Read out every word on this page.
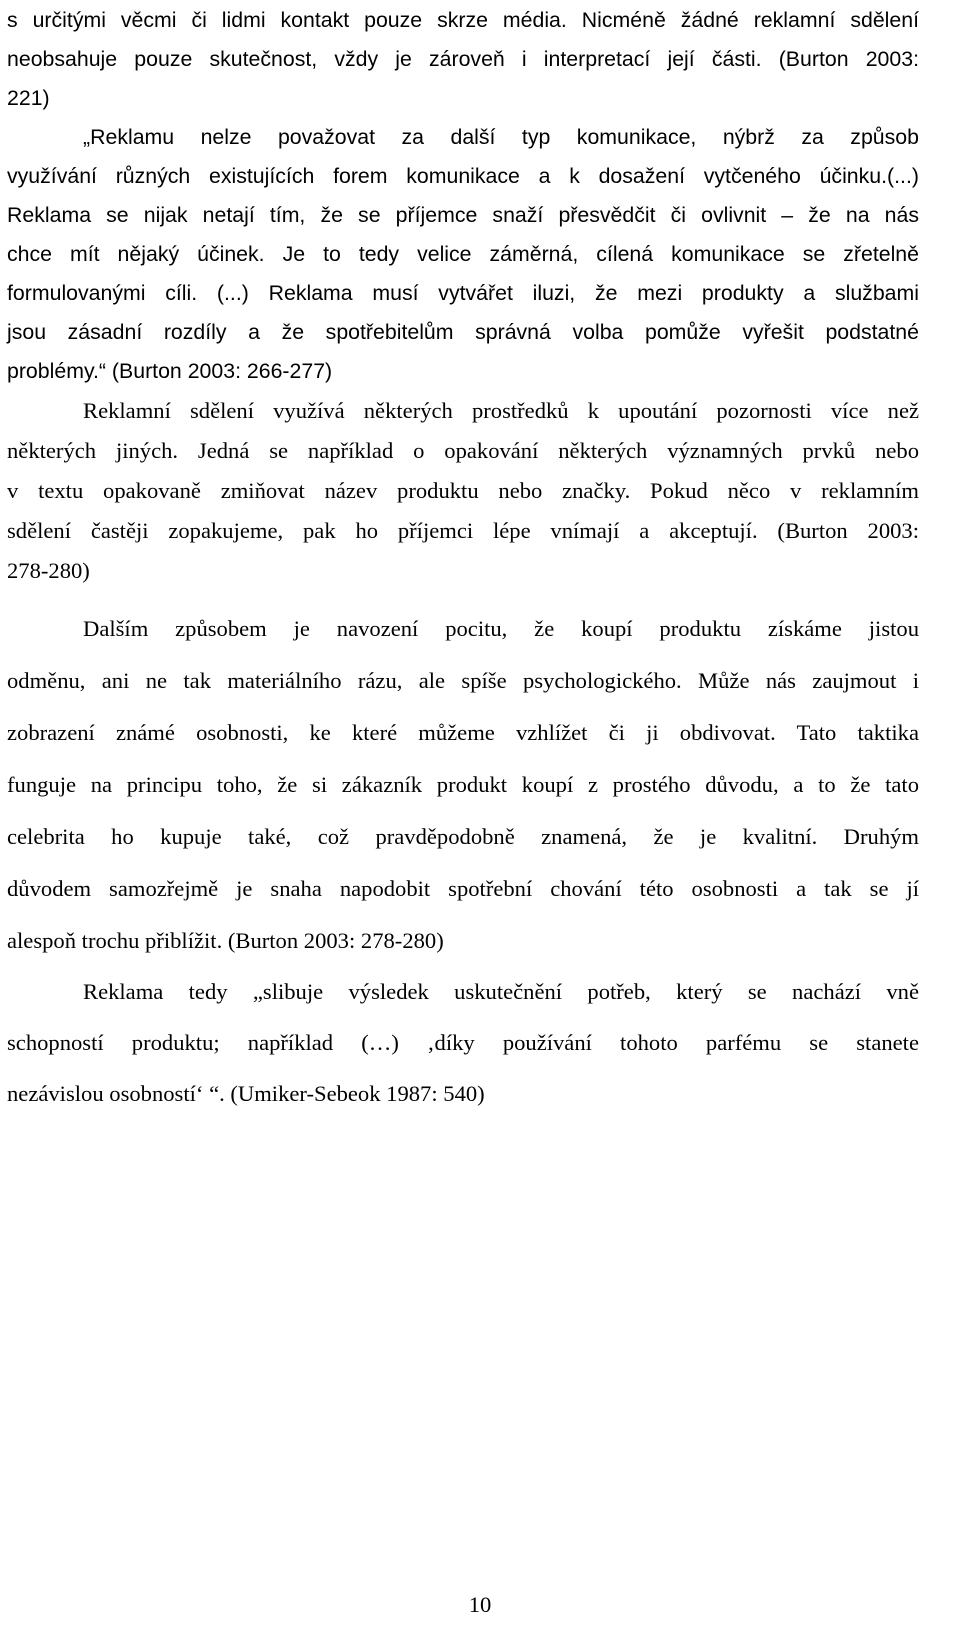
s určitými věcmi či lidmi kontakt pouze skrze média. Nicméně žádné reklamní sdělení
neobsahuje pouze skutečnost, vždy je zároveň i interpretací její části. (Burton 2003:
221)
„Reklamu nelze považovat za další typ komunikace, nýbrž za způsob
využívání různých existujících forem komunikace a k dosažení vytčeného účinku.(...)
Reklama se nijak netají tím, že se příjemce snaží přesvědčit či ovlivnit – že na nás
chce mít nějaký účinek. Je to tedy velice záměrná, cílená komunikace se zřetelně
formulovanými cíli. (...) Reklama musí vytvářet iluzi, že mezi produkty a službami
jsou zásadní rozdíly a že spotřebitelům správná volba pomůže vyřešit podstatné
problémy.“ (Burton 2003: 266-277)
Reklamní sdělení využívá některých prostředků k upoutání pozornosti více než
některých jiných. Jedná se například o opakování některých významných prvků nebo
v textu opakovaně zmiňovat název produktu nebo značky. Pokud něco v reklamním
sdělení častěji zopakujeme, pak ho příjemci lépe vnímají a akceptují. (Burton 2003:
278-280)
Dalším způsobem je navození pocitu, že koupí produktu získáme jistou
odměnu, ani ne tak materiálního rázu, ale spíše psychologického. Může nás zaujmout i
zobrazení známé osobnosti, ke které můžeme vzhlížet či ji obdivovat. Tato taktika
funguje na principu toho, že si zákazník produkt koupí z prostého důvodu, a to že tato
celebrita ho kupuje také, což pravděpodobně znamená, že je kvalitní. Druhým
důvodem samozřejmě je snaha napodobit spotřební chování této osobnosti a tak se jí
alespoň trochu přiblížit. (Burton 2003: 278-280)
Reklama tedy „slibuje výsledek uskutečnění potřeb, který se nachází vně
schopností produktu; například (…) ‚díky používání tohoto parfému se stanete
nezávislou osobností‘ “. (Umiker-Sebeok 1987: 540)
10
